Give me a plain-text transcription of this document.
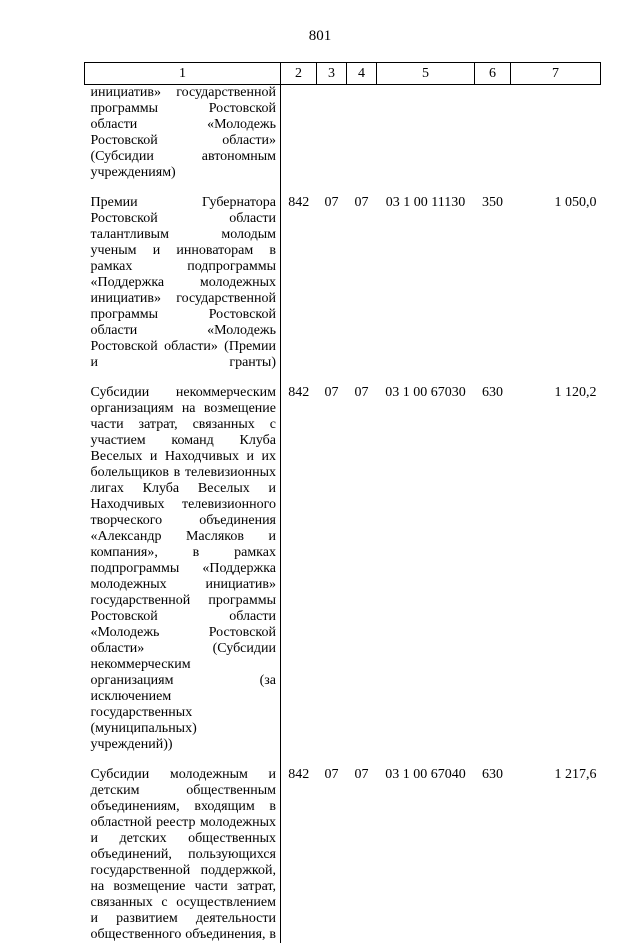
801
1	2	3	4	5	6	7
инициатив» государственной программы Ростовской области «Молодежь Ростовской области» (Субсидии автономным учреждениям)						

Премии Губернатора Ростовской области талантливым молодым ученым и инноваторам в рамках подпрограммы «Поддержка молодежных инициатив» государственной программы Ростовской области «Молодежь Ростовской области» (Премии и гранты)	842	07	07	03 1 00 11130	350	1 050,0

Субсидии некоммерческим организациям на возмещение части затрат, связанных с участием команд Клуба Веселых и Находчивых и их болельщиков в телевизионных лигах Клуба Веселых и Находчивых телевизионного творческого объединения «Александр Масляков и компания», в рамках подпрограммы «Поддержка молодежных инициатив» государственной программы Ростовской области «Молодежь Ростовской области» (Субсидии некоммерческим организациям (за исключением государственных (муниципальных) учреждений))	842	07	07	03 1 00 67030	630	1 120,2

Субсидии молодежным и детским общественным объединениям, входящим в областной реестр молодежных и детских общественных объединений, пользующихся государственной поддержкой, на возмещение части затрат, связанных с осуществлением и развитием деятельности общественного объединения, в	842	07	07	03 1 00 67040	630	1 217,6
